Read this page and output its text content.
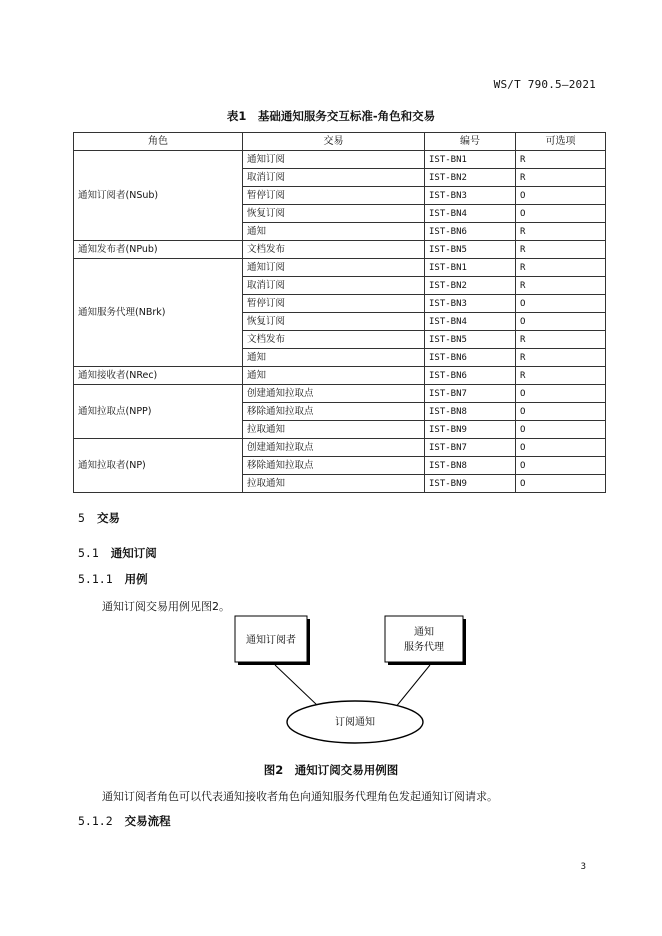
WS/T 790.5—2021
表1　基础通知服务交互标准-角色和交易
角色	交易	编号	可选项
通知订阅者(NSub)	通知订阅	IST-BN1	R
	取消订阅	IST-BN2	R
	暂停订阅	IST-BN3	O
	恢复订阅	IST-BN4	O
	通知	IST-BN6	R
通知发布者(NPub)	文档发布	IST-BN5	R
通知服务代理(NBrk)	通知订阅	IST-BN1	R
	取消订阅	IST-BN2	R
	暂停订阅	IST-BN3	O
	恢复订阅	IST-BN4	O
	文档发布	IST-BN5	R
	通知	IST-BN6	R
通知接收者(NRec)	通知	IST-BN6	R
通知拉取点(NPP)	创建通知拉取点	IST-BN7	O
	移除通知拉取点	IST-BN8	O
	拉取通知	IST-BN9	O
通知拉取者(NP)	创建通知拉取点	IST-BN7	O
	移除通知拉取点	IST-BN8	O
	拉取通知	IST-BN9	O
5 交易
5.1 通知订阅
5.1.1 用例
通知订阅交易用例见图2。
通知订阅者
通知
服务代理
订阅通知
图2　通知订阅交易用例图
通知订阅者角色可以代表通知接收者角色向通知服务代理角色发起通知订阅请求。
5.1.2 交易流程
3
